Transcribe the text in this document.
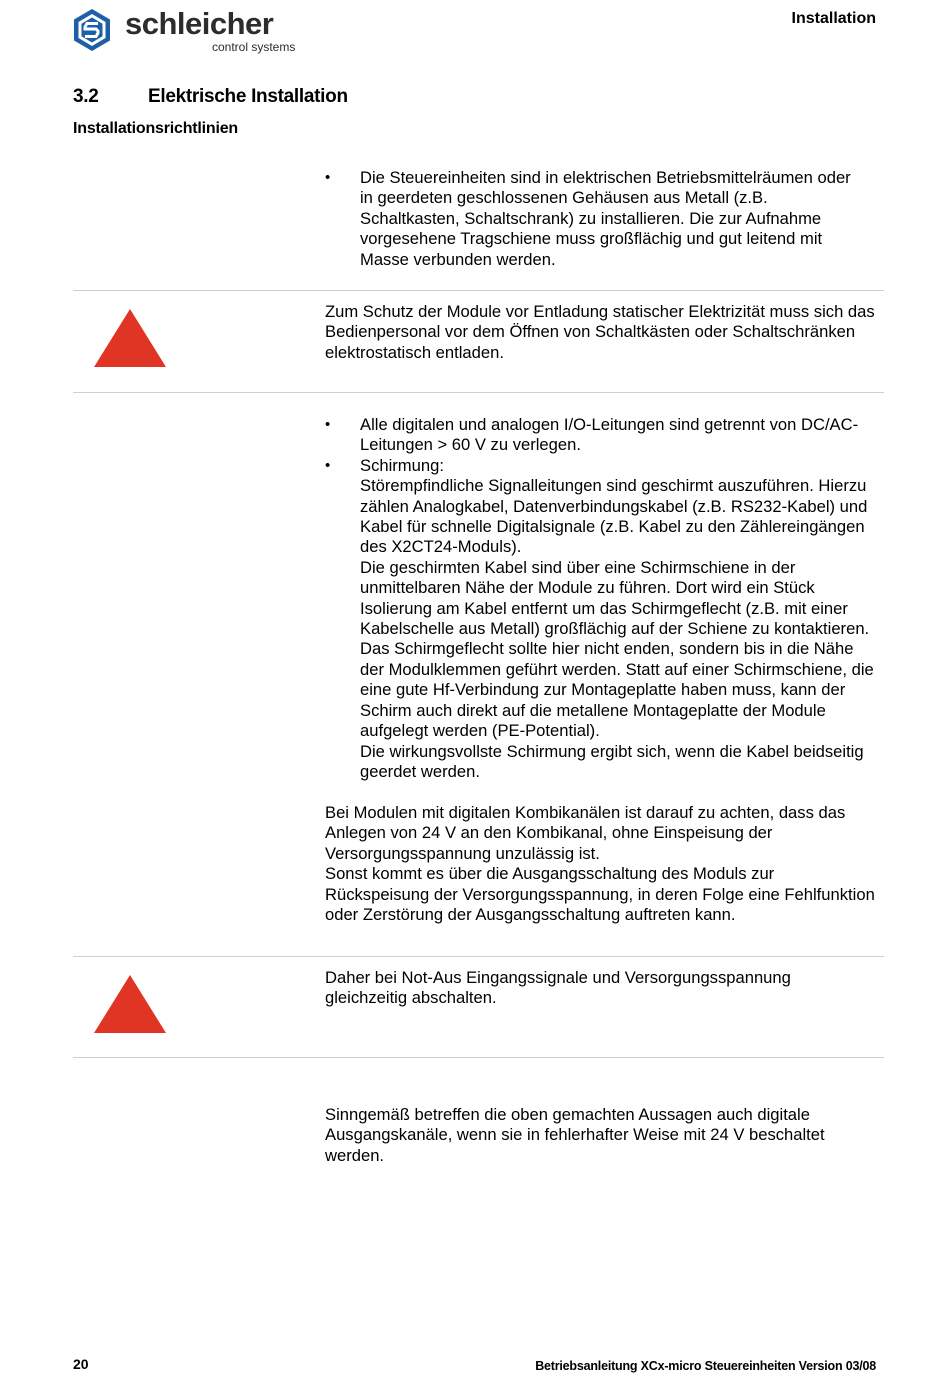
schleicher
control systems
Installation
3.2	Elektrische Installation
Installationsrichtlinien
• Die Steuereinheiten sind in elektrischen Betriebsmittelräumen oder in geerdeten geschlossenen Gehäusen aus Metall (z.B. Schaltkasten, Schaltschrank) zu installieren. Die zur Aufnahme vorgesehene Tragschiene muss großflächig und gut leitend mit Masse verbunden werden.
Zum Schutz der Module vor Entladung statischer Elektrizität muss sich das Bedienpersonal vor dem Öffnen von Schaltkästen oder Schaltschränken elektrostatisch entladen.
• Alle digitalen und analogen I/O-Leitungen sind getrennt von DC/AC-Leitungen > 60 V zu verlegen.
• Schirmung:
Störempfindliche Signalleitungen sind geschirmt auszuführen. Hierzu zählen Analogkabel, Datenverbindungskabel (z.B. RS232-Kabel) und Kabel für schnelle Digitalsignale (z.B. Kabel zu den Zählereingängen des X2CT24-Moduls).
Die geschirmten Kabel sind über eine Schirmschiene in der unmittelbaren Nähe der Module zu führen. Dort wird ein Stück Isolierung am Kabel entfernt um das Schirmgeflecht (z.B. mit einer Kabelschelle aus Metall) großflächig auf der Schiene zu kontaktieren. Das Schirmgeflecht sollte hier nicht enden, sondern bis in die Nähe der Modulklemmen geführt werden. Statt auf einer Schirmschiene, die eine gute Hf-Verbindung zur Montageplatte haben muss, kann der Schirm auch direkt auf die metallene Montageplatte der Module aufgelegt werden (PE-Potential).
Die wirkungsvollste Schirmung ergibt sich, wenn die Kabel beidseitig geerdet werden.

Bei Modulen mit digitalen Kombikanälen ist darauf zu achten, dass das Anlegen von 24 V an den Kombikanal, ohne Einspeisung der Versorgungsspannung unzulässig ist.

Sonst kommt es über die Ausgangsschaltung des Moduls zur Rückspeisung der Versorgungsspannung, in deren Folge eine Fehlfunktion oder Zerstörung der Ausgangsschaltung auftreten kann.

Daher bei Not-Aus Eingangssignale und Versorgungsspannung gleichzeitig abschalten.
Sinngemäß betreffen die oben gemachten Aussagen auch digitale Ausgangskanäle, wenn sie in fehlerhafter Weise mit 24 V beschaltet werden.
20	Betriebsanleitung XCx-micro Steuereinheiten Version 03/08
